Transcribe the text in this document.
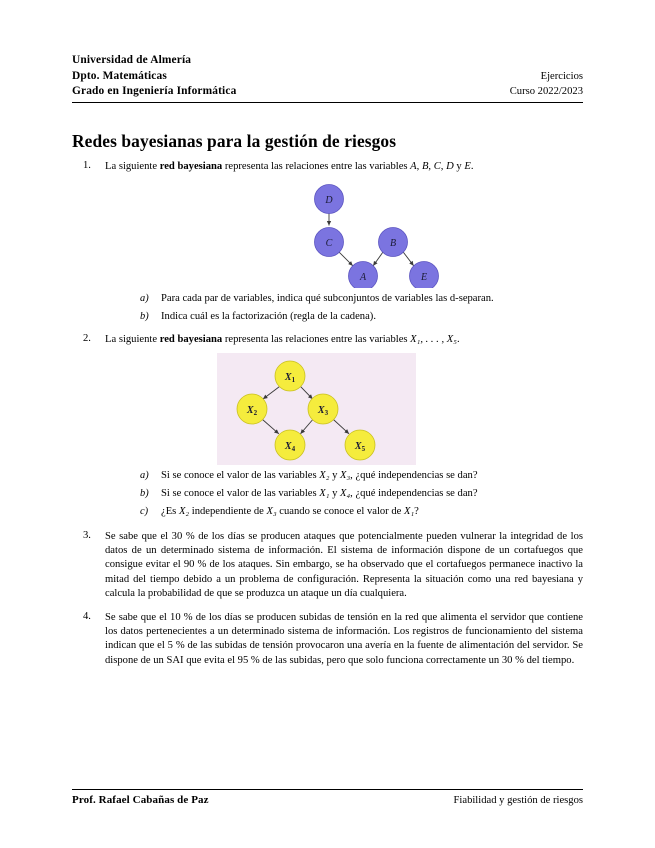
Universidad de Almería
Dpto. Matemáticas	Ejercicios
Grado en Ingeniería Informática	Curso 2022/2023
Redes bayesianas para la gestión de riesgos
1. La siguiente red bayesiana representa las relaciones entre las variables A, B, C, D y E.
D
C	B
A	E
a) Para cada par de variables, indica qué subconjuntos de variables las d-separan.
b) Indica cuál es la factorización (regla de la cadena).
2. La siguiente red bayesiana representa las relaciones entre las variables X₁, . . . , X₅.
$X_1$
$X_2$	$X_3$
$X_4$	$X_5$
a) Si se conoce el valor de las variables X₂ y X₃, ¿qué independencias se dan?
b) Si se conoce el valor de las variables X₁ y X₄, ¿qué independencias se dan?
c) ¿Es X₂ independiente de X₃ cuando se conoce el valor de X₁?
3. Se sabe que el 30 % de los días se producen ataques que potencialmente pueden vulnerar la integridad de los datos de un determinado sistema de información. El sistema de información dispone de un cortafuegos que consigue evitar el 90 % de los ataques. Sin embargo, se ha observado que el cortafuegos permanece inactivo la mitad del tiempo debido a un problema de configuración. Representa la situación como una red bayesiana y calcula la probabilidad de que se produzca un ataque un día cualquiera.
4. Se sabe que el 10 % de los días se producen subidas de tensión en la red que alimenta el servidor que contiene los datos pertenecientes a un determinado sistema de información. Los registros de funcionamiento del sistema indican que el 5 % de las subidas de tensión provocaron una avería en la fuente de alimentación del servidor. Se dispone de un SAI que evita el 95 % de las subidas, pero que solo funciona correctamente un 30 % del tiempo.
Prof. Rafael Cabañas de Paz	Fiabilidad y gestión de riesgos
